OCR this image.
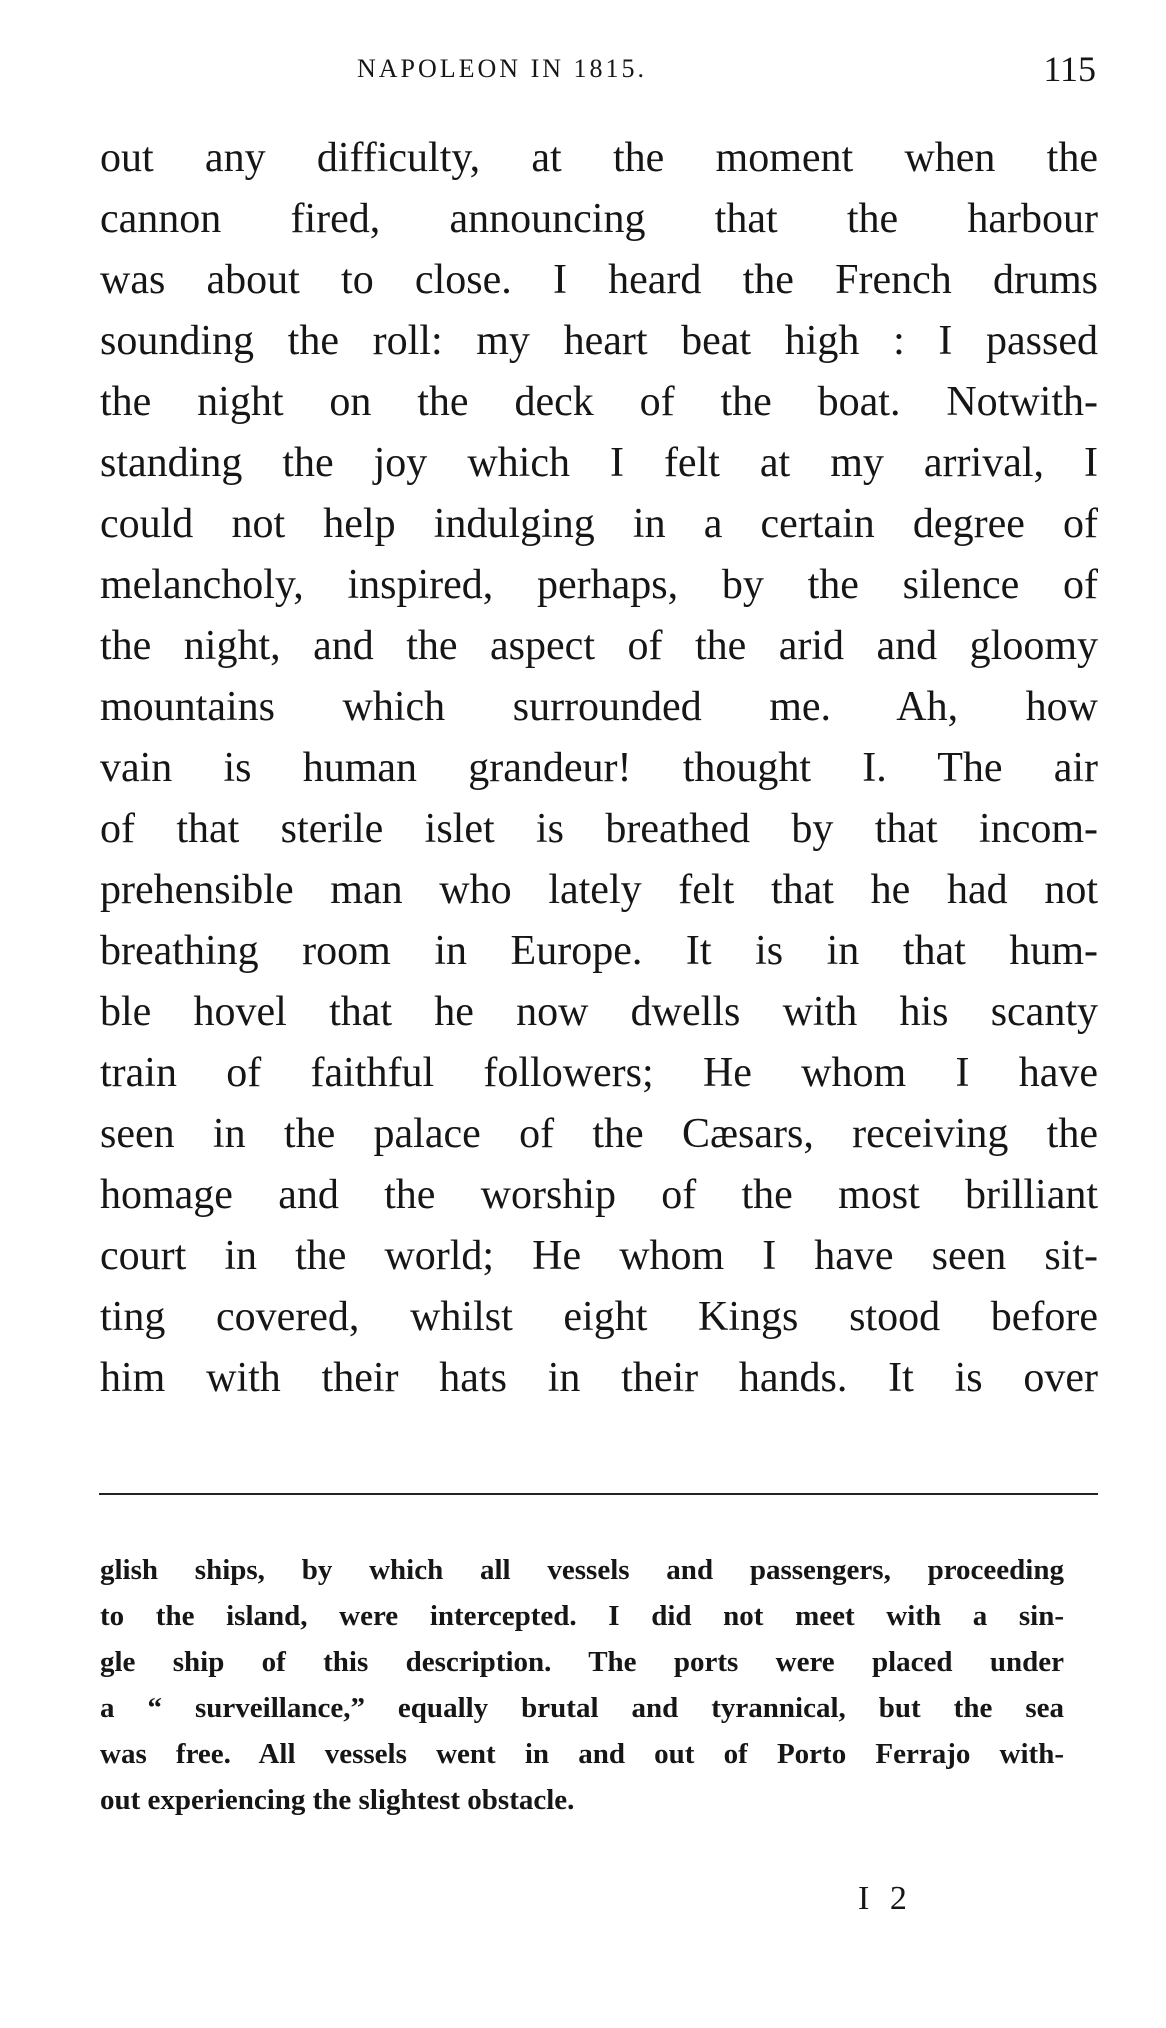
NAPOLEON IN 1815.	115
out any difficulty, at the moment when the
cannon fired, announcing that the harbour
was about to close. I heard the French drums
sounding the roll: my heart beat high : I passed
the night on the deck of the boat. Notwith-
standing the joy which I felt at my arrival, I
could not help indulging in a certain degree of
melancholy, inspired, perhaps, by the silence of
the night, and the aspect of the arid and gloomy
mountains which surrounded me. Ah, how
vain is human grandeur! thought I. The air
of that sterile islet is breathed by that incom-
prehensible man who lately felt that he had not
breathing room in Europe. It is in that hum-
ble hovel that he now dwells with his scanty
train of faithful followers; He whom I have
seen in the palace of the Cæsars, receiving the
homage and the worship of the most brilliant
court in the world; He whom I have seen sit-
ting covered, whilst eight Kings stood before
him with their hats in their hands. It is over
glish ships, by which all vessels and passengers, proceeding
to the island, were intercepted. I did not meet with a sin-
gle ship of this description. The ports were placed under
a “ surveillance,” equally brutal and tyrannical, but the sea
was free. All vessels went in and out of Porto Ferrajo with-
out experiencing the slightest obstacle.
I 2
